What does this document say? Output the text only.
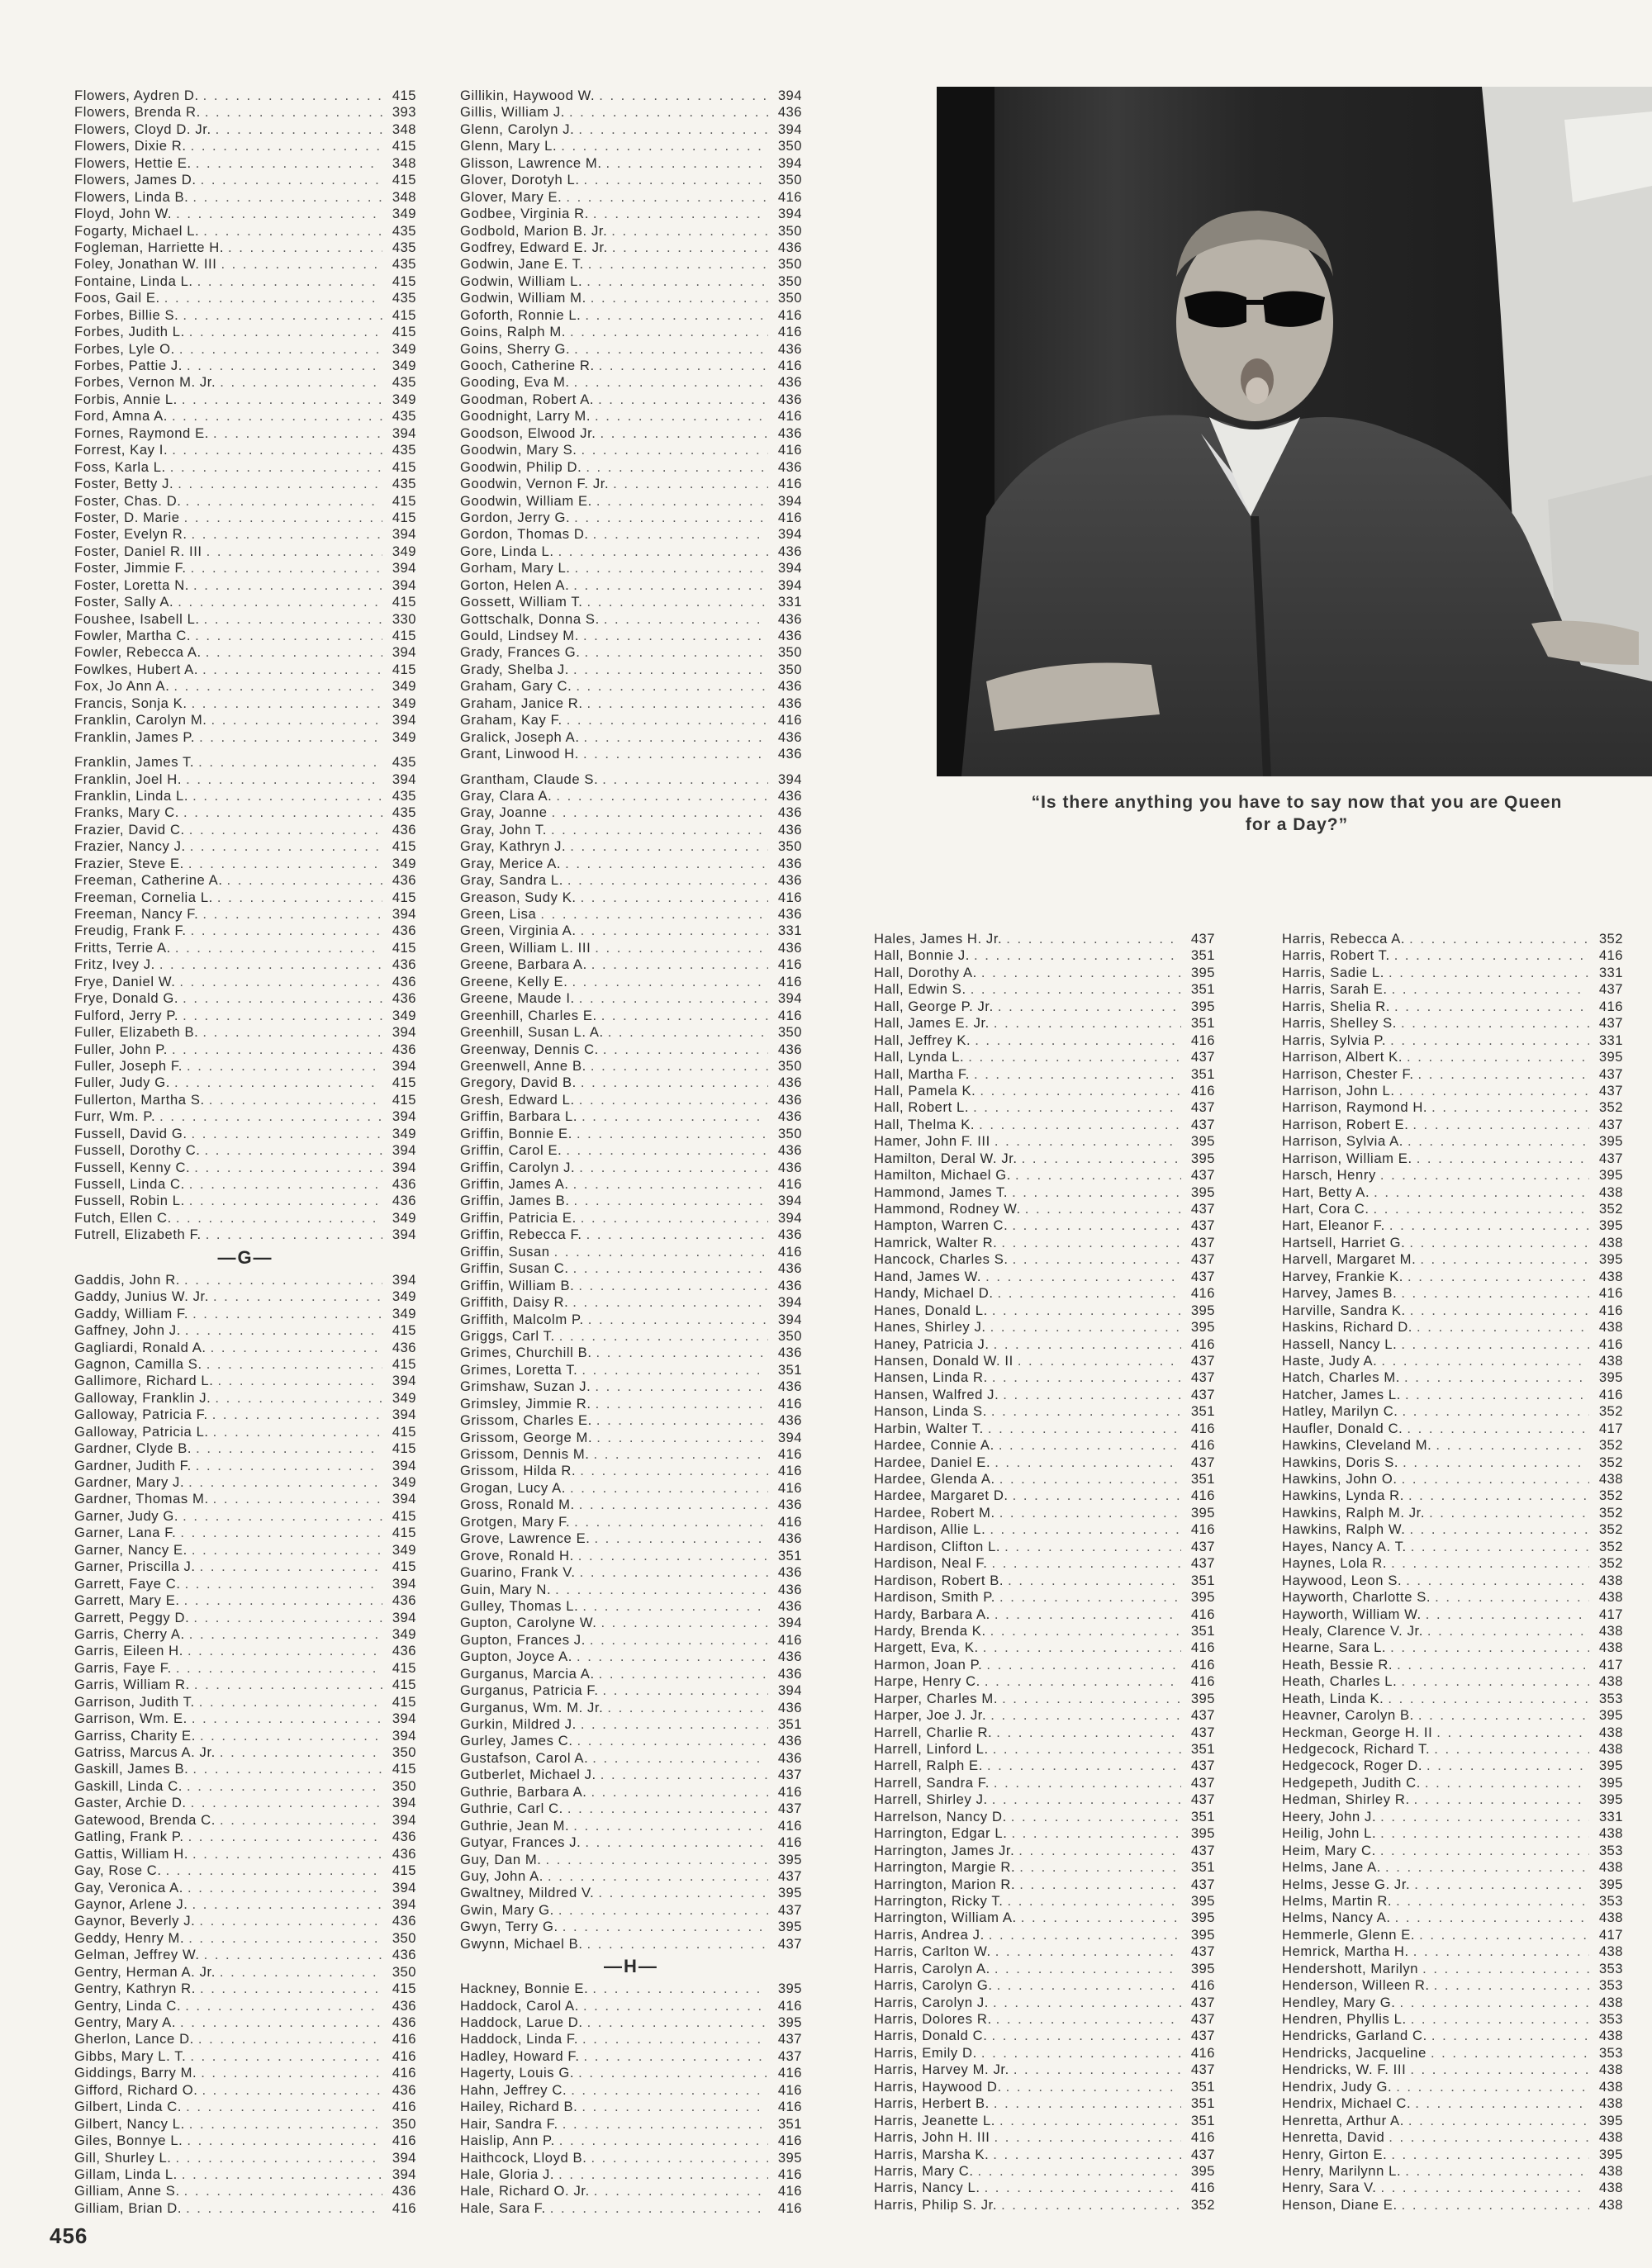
Flowers, Aydren D. . . .	415
Flowers, Brenda R. . . .	393
Flowers, Cloyd D. Jr. . . .	348
Flowers, Dixie R. . . .	415
Flowers, Hettie E. . . .	348
Flowers, James D. . . .	415
Flowers, Linda B. . . .	348
Floyd, John W. . . .	349
Fogarty, Michael L. . . .	435
Fogleman, Harriette H. . . .	435
Foley, Jonathan W. III . . .	435
Fontaine, Linda L. . . .	415
Foos, Gail E. . . .	435
Forbes, Billie S. . . .	415
Forbes, Judith L. . . .	415
Forbes, Lyle O. . . .	349
Forbes, Pattie J. . . .	349
Forbes, Vernon M. Jr. . . .	435
Forbis, Annie L. . . .	349
Ford, Amna A. . . .	435
Fornes, Raymond E. . . .	394
Forrest, Kay I. . . .	435
Foss, Karla L. . . .	415
Foster, Betty J. . . .	435
Foster, Chas. D. . . .	415
Foster, D. Marie . . .	415
Foster, Evelyn R. . . .	394
Foster, Daniel R. III . . .	349
Foster, Jimmie F. . . .	394
Foster, Loretta N. . . .	394
Foster, Sally A. . . .	415
Foushee, Isabell L. . . .	330
Fowler, Martha C. . . .	415
Fowler, Rebecca A. . . .	394
Fowlkes, Hubert A. . . .	415
Fox, Jo Ann A. . . .	349
Francis, Sonja K. . . .	349
Franklin, Carolyn M. . . .	394
Franklin, James P. . . .	349
Franklin, James T. . . .	435
Franklin, Joel H. . . .	394
Franklin, Linda L. . . .	435
Franks, Mary C. . . .	435
Frazier, David C. . . .	436
Frazier, Nancy J. . . .	415
Frazier, Steve E. . . .	349
Freeman, Catherine A. . . .	436
Freeman, Cornelia L. . . .	415
Freeman, Nancy F. . . .	394
Freudig, Frank F. . . .	436
Fritts, Terrie A. . . .	415
Fritz, Ivey J. . . .	436
Frye, Daniel W. . . .	436
Frye, Donald G. . . .	436
Fulford, Jerry P. . . .	349
Fuller, Elizabeth B. . . .	394
Fuller, John P. . . .	436
Fuller, Joseph F. . . .	394
Fuller, Judy G. . . .	415
Fullerton, Martha S. . . .	415
Furr, Wm. P. . . .	394
Fussell, David G. . . .	349
Fussell, Dorothy C. . . .	394
Fussell, Kenny C. . . .	394
Fussell, Linda C. . . .	436
Fussell, Robin L. . . .	436
Futch, Ellen C. . . .	349
Futrell, Elizabeth F. . . .	394
—G—
Gaddis, John R. . . .	394
Gaddy, Junius W. Jr. . . .	349
Gaddy, William F. . . .	349
Gaffney, John J. . . .	415
Gagliardi, Ronald A. . . .	436
Gagnon, Camilla S. . . .	415
Gallimore, Richard L. . . .	394
Galloway, Franklin J. . . .	349
Galloway, Patricia F. . . .	394
Galloway, Patricia L. . . .	415
Gardner, Clyde B. . . .	415
Gardner, Judith F. . . .	394
Gardner, Mary J. . . .	349
Gardner, Thomas M. . . .	394
Garner, Judy G. . . .	415
Garner, Lana F. . . .	415
Garner, Nancy E. . . .	349
Garner, Priscilla J. . . .	415
Garrett, Faye C. . . .	394
Garrett, Mary E. . . .	436
Garrett, Peggy D. . . .	394
Garris, Cherry A. . . .	349
Garris, Eileen H. . . .	436
Garris, Faye F. . . .	415
Garris, William R. . . .	415
Garrison, Judith T. . . .	415
Garrison, Wm. E. . . .	394
Garriss, Charity E. . . .	394
Gatriss, Marcus A. Jr. . . .	350
Gaskill, James B. . . .	415
Gaskill, Linda C. . . .	350
Gaster, Archie D. . . .	394
Gatewood, Brenda C. . . .	394
Gatling, Frank P. . . .	436
Gattis, William H. . . .	436
Gay, Rose C. . . .	415
Gay, Veronica A. . . .	394
Gaynor, Arlene J. . . .	394
Gaynor, Beverly J. . . .	436
Geddy, Henry M. . . .	350
Gelman, Jeffrey W. . . .	436
Gentry, Herman A. Jr. . . .	350
Gentry, Kathryn R. . . .	415
Gentry, Linda C. . . .	436
Gentry, Mary A. . . .	436
Gherlon, Lance D. . . .	416
Gibbs, Mary L. T. . . .	416
Giddings, Barry M. . . .	416
Gifford, Richard O. . . .	436
Gilbert, Linda C. . . .	416
Gilbert, Nancy L. . . .	350
Giles, Bonnye L. . . .	416
Gill, Shurley L. . . .	394
Gillam, Linda L. . . .	394
Gilliam, Anne S. . . .	436
Gilliam, Brian D. . . .	416
Gillikin, Haywood W. . . .	394
Gillis, William J. . . .	436
Glenn, Carolyn J. . . .	394
Glenn, Mary L. . . .	350
Glisson, Lawrence M. . . .	394
Glover, Dorotyh L. . . .	350
Glover, Mary E. . . .	416
Godbee, Virginia R. . . .	394
Godbold, Marion B. Jr. . . .	350
Godfrey, Edward E. Jr. . . .	436
Godwin, Jane E. T. . . .	350
Godwin, William L. . . .	350
Godwin, William M. . . .	350
Goforth, Ronnie L. . . .	416
Goins, Ralph M. . . .	416
Goins, Sherry G. . . .	436
Gooch, Catherine R. . . .	416
Gooding, Eva M. . . .	436
Goodman, Robert A. . . .	436
Goodnight, Larry M. . . .	416
Goodson, Elwood Jr. . . .	436
Goodwin, Mary S. . . .	416
Goodwin, Philip D. . . .	436
Goodwin, Vernon F. Jr. . . .	416
Goodwin, William E. . . .	394
Gordon, Jerry G. . . .	416
Gordon, Thomas D. . . .	394
Gore, Linda L. . . .	436
Gorham, Mary L. . . .	394
Gorton, Helen A. . . .	394
Gossett, William T. . . .	331
Gottschalk, Donna S. . . .	436
Gould, Lindsey M. . . .	436
Grady, Frances G. . . .	350
Grady, Shelba J. . . .	350
Graham, Gary C. . . .	436
Graham, Janice R. . . .	436
Graham, Kay F. . . .	416
Gralick, Joseph A. . . .	436
Grant, Linwood H. . . .	436
Grantham, Claude S. . . .	394
Gray, Clara A. . . .	436
Gray, Joanne . . .	436
Gray, John T. . . .	436
Gray, Kathryn J. . . .	350
Gray, Merice A. . . .	436
Gray, Sandra L. . . .	436
Greason, Sudy K. . . .	416
Green, Lisa . . .	436
Green, Virginia A. . . .	331
Green, William L. III . . .	436
Greene, Barbara A. . . .	416
Greene, Kelly E. . . .	416
Greene, Maude I. . . .	394
Greenhill, Charles E. . . .	416
Greenhill, Susan L. A. . . .	350
Greenway, Dennis C. . . .	436
Greenwell, Anne B. . . .	350
Gregory, David B. . . .	436
Gresh, Edward L. . . .	436
Griffin, Barbara L. . . .	436
Griffin, Bonnie E. . . .	350
Griffin, Carol E. . . .	436
Griffin, Carolyn J. . . .	436
Griffin, James A. . . .	416
Griffin, James B. . . .	394
Griffin, Patricia E. . . .	394
Griffin, Rebecca F. . . .	436
Griffin, Susan . . .	416
Griffin, Susan C. . . .	436
Griffin, William B. . . .	436
Griffith, Daisy R. . . .	394
Griffith, Malcolm P. . . .	394
Griggs, Carl T. . . .	350
Grimes, Churchill B. . . .	436
Grimes, Loretta T. . . .	351
Grimshaw, Suzan J. . . .	436
Grimsley, Jimmie R. . . .	416
Grissom, Charles E. . . .	436
Grissom, George M. . . .	394
Grissom, Dennis M. . . .	416
Grissom, Hilda R. . . .	416
Grogan, Lucy A. . . .	416
Gross, Ronald M. . . .	436
Grotgen, Mary F. . . .	416
Grove, Lawrence E. . . .	436
Grove, Ronald H. . . .	351
Guarino, Frank V. . . .	436
Guin, Mary N. . . .	436
Gulley, Thomas L. . . .	436
Gupton, Carolyne W. . . .	394
Gupton, Frances J. . . .	416
Gupton, Joyce A. . . .	436
Gurganus, Marcia A. . . .	436
Gurganus, Patricia F. . . .	394
Gurganus, Wm. M. Jr. . . .	436
Gurkin, Mildred J. . . .	351
Gurley, James C. . . .	436
Gustafson, Carol A. . . .	436
Gutberlet, Michael J. . . .	437
Guthrie, Barbara A. . . .	416
Guthrie, Carl C. . . .	437
Guthrie, Jean M. . . .	416
Gutyar, Frances J. . . .	416
Guy, Dan M. . . .	395
Guy, John A. . . .	437
Gwaltney, Mildred V. . . .	395
Gwin, Mary G. . . .	437
Gwyn, Terry G. . . .	395
Gwynn, Michael B. . . .	437
—H—
Hackney, Bonnie E. . . .	395
Haddock, Carol A. . . .	416
Haddock, Larue D. . . .	395
Haddock, Linda F. . . .	437
Hadley, Howard F. . . .	437
Hagerty, Louis G. . . .	416
Hahn, Jeffrey C. . . .	416
Hailey, Richard B. . . .	416
Hair, Sandra F. . . .	351
Haislip, Ann P. . . .	416
Haithcock, Lloyd B. . . .	395
Hale, Gloria J. . . .	416
Hale, Richard O. Jr. . . .	416
Hale, Sara F. . . .	416
“Is there anything you have to say now that you are Queen for a Day?”
Hales, James H. Jr. . . .	437
Hall, Bonnie J. . . .	351
Hall, Dorothy A. . . .	395
Hall, Edwin S. . . .	351
Hall, George P. Jr. . . .	395
Hall, James E. Jr. . . .	351
Hall, Jeffrey K. . . .	416
Hall, Lynda L. . . .	437
Hall, Martha F. . . .	351
Hall, Pamela K. . . .	416
Hall, Robert L. . . .	437
Hall, Thelma K. . . .	437
Hamer, John F. III . . .	395
Hamilton, Deral W. Jr. . . .	395
Hamilton, Michael G. . . .	437
Hammond, James T. . . .	395
Hammond, Rodney W. . . .	437
Hampton, Warren C. . . .	437
Hamrick, Walter R. . . .	437
Hancock, Charles S. . . .	437
Hand, James W. . . .	437
Handy, Michael D. . . .	416
Hanes, Donald L. . . .	395
Hanes, Shirley J. . . .	395
Haney, Patricia J. . . .	416
Hansen, Donald W. II . . .	437
Hansen, Linda R. . . .	437
Hansen, Walfred J. . . .	437
Hanson, Linda S. . . .	351
Harbin, Walter T. . . .	416
Hardee, Connie A. . . .	416
Hardee, Daniel E. . . .	437
Hardee, Glenda A. . . .	351
Hardee, Margaret D. . . .	416
Hardee, Robert M. . . .	395
Hardison, Allie L. . . .	416
Hardison, Clifton L. . . .	437
Hardison, Neal F. . . .	437
Hardison, Robert B. . . .	351
Hardison, Smith P. . . .	395
Hardy, Barbara A. . . .	416
Hardy, Brenda K. . . .	351
Hargett, Eva, K. . . .	416
Harmon, Joan P. . . .	416
Harpe, Henry C. . . .	416
Harper, Charles M. . . .	395
Harper, Joe J. Jr. . . .	437
Harrell, Charlie R. . . .	437
Harrell, Linford L. . . .	351
Harrell, Ralph E. . . .	437
Harrell, Sandra F. . . .	437
Harrell, Shirley J. . . .	437
Harrelson, Nancy D. . . .	351
Harrington, Edgar L. . . .	395
Harrington, James Jr. . . .	437
Harrington, Margie R. . . .	351
Harrington, Marion R. . . .	437
Harrington, Ricky T. . . .	395
Harrington, William A. . . .	395
Harris, Andrea J. . . .	395
Harris, Carlton W. . . .	437
Harris, Carolyn A. . . .	395
Harris, Carolyn G. . . .	416
Harris, Carolyn J. . . .	437
Harris, Dolores R. . . .	437
Harris, Donald C. . . .	437
Harris, Emily D. . . .	416
Harris, Harvey M. Jr. . . .	437
Harris, Haywood D. . . .	351
Harris, Herbert B. . . .	351
Harris, Jeanette L. . . .	351
Harris, John H. III . . .	416
Harris, Marsha K. . . .	437
Harris, Mary C. . . .	395
Harris, Nancy L. . . .	416
Harris, Philip S. Jr. . . .	352
Harris, Rebecca A. . . .	352
Harris, Robert T. . . .	416
Harris, Sadie L. . . .	331
Harris, Sarah E. . . .	437
Harris, Shelia R. . . .	416
Harris, Shelley S. . . .	437
Harris, Sylvia P. . . .	331
Harrison, Albert K. . . .	395
Harrison, Chester F. . . .	437
Harrison, John L. . . .	437
Harrison, Raymond H. . . .	352
Harrison, Robert E. . . .	437
Harrison, Sylvia A. . . .	395
Harrison, William E. . . .	437
Harsch, Henry . . .	395
Hart, Betty A. . . .	438
Hart, Cora C. . . .	352
Hart, Eleanor F. . . .	395
Hartsell, Harriet G. . . .	438
Harvell, Margaret M. . . .	395
Harvey, Frankie K. . . .	438
Harvey, James B. . . .	416
Harville, Sandra K. . . .	416
Haskins, Richard D. . . .	438
Hassell, Nancy L. . . .	416
Haste, Judy A. . . .	438
Hatch, Charles M. . . .	395
Hatcher, James L. . . .	416
Hatley, Marilyn C. . . .	352
Haufler, Donald C. . . .	417
Hawkins, Cleveland M. . . .	352
Hawkins, Doris S. . . .	352
Hawkins, John O. . . .	438
Hawkins, Lynda R. . . .	352
Hawkins, Ralph M. Jr. . . .	352
Hawkins, Ralph W. . . .	352
Hayes, Nancy A. T. . . .	352
Haynes, Lola R. . . .	352
Haywood, Leon S. . . .	438
Hayworth, Charlotte S. . . .	438
Hayworth, William W. . . .	417
Healy, Clarence V. Jr. . . .	438
Hearne, Sara L. . . .	438
Heath, Bessie R. . . .	417
Heath, Charles L. . . .	438
Heath, Linda K. . . .	353
Heavner, Carolyn B. . . .	395
Heckman, George H. II . . .	438
Hedgecock, Richard T. . . .	438
Hedgecock, Roger D. . . .	395
Hedgepeth, Judith C. . . .	395
Hedman, Shirley R. . . .	395
Heery, John J. . . .	331
Heilig, John L. . . .	438
Heim, Mary C. . . .	353
Helms, Jane A. . . .	438
Helms, Jesse G. Jr. . . .	395
Helms, Martin R. . . .	353
Helms, Nancy A. . . .	438
Hemmerle, Glenn E. . . .	417
Hemrick, Martha H. . . .	438
Hendershott, Marilyn . . .	353
Henderson, Willeen R. . . .	353
Hendley, Mary G. . . .	438
Hendren, Phyllis L. . . .	353
Hendricks, Garland C. . . .	438
Hendricks, Jacqueline . . .	353
Hendricks, W. F. III . . .	438
Hendrix, Judy G. . . .	438
Hendrix, Michael C. . . .	438
Henretta, Arthur A. . . .	395
Henretta, David . . .	438
Henry, Girton E. . . .	395
Henry, Marilynn L. . . .	438
Henry, Sara V. . . .	438
Henson, Diane E. . . .	438
456
